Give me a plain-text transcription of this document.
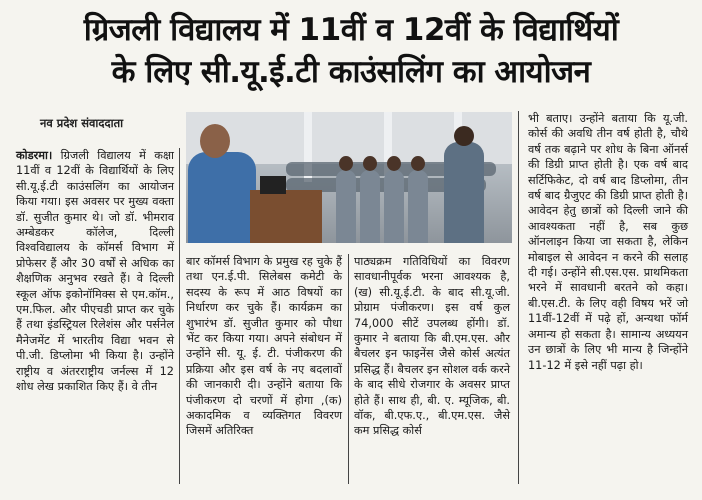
ग्रिजली विद्यालय में 11वीं व 12वीं के विद्यार्थियों
के लिए सी.यू.ई.टी काउंसलिंग का आयोजन
नव प्रदेश संवाददाता

कोडरमा। ग्रिजली विद्यालय में कक्षा 11वीं व 12वीं के विद्यार्थियों के लिए सी.यू.ई.टी काउंसलिंग का आयोजन किया गया। इस अवसर पर मुख्य वक्ता डॉ. सुजीत कुमार थे। जो डॉ. भीमराव अम्बेडकर कॉलेज, दिल्ली विश्वविद्यालय के कॉमर्स विभाग में प्रोफेसर हैं और 30 वर्षों से अधिक का शैक्षणिक अनुभव रखते हैं। वे दिल्ली स्कूल ऑफ इकोनॉमिक्स से एम.कॉम., एम.फिल. और पीएचडी प्राप्त कर चुके हैं तथा इंडस्ट्रियल रिलेशंस और पर्सनेल मैनेजमेंट में भारतीय विद्या भवन से पी.जी. डिप्लोमा भी किया है। उन्होंने राष्ट्रीय व अंतरराष्ट्रीय जर्नल्स में 12 शोध लेख प्रकाशित किए हैं। वे तीन

बार कॉमर्स विभाग के प्रमुख रह चुके हैं तथा एन.ई.पी. सिलेबस कमेटी के सदस्य के रूप में आठ विषयों का निर्धारण कर चुके हैं। कार्यक्रम का शुभारंभ डॉ. सुजीत कुमार को पौधा भेंट कर किया गया। अपने संबोधन में उन्होंने सी. यू. ई. टी. पंजीकरण की प्रक्रिया और इस वर्ष के नए बदलावों की जानकारी दी। उन्होंने बताया कि पंजीकरण दो चरणों में होगा ,(क) अकादमिक व व्यक्तिगत विवरण जिसमें अतिरिक्त

पाठ्यक्रम गतिविधियों का विवरण सावधानीपूर्वक भरना आवश्यक है, (ख) सी.यू.ई.टी. के बाद सी.यू.जी. प्रोग्राम पंजीकरण। इस वर्ष कुल 74,000 सीटें उपलब्ध होंगी। डॉ. कुमार ने बताया कि बी.एम.एस. और बैचलर इन फाइनेंस जैसे कोर्स अत्यंत प्रसिद्ध हैं। बैचलर इन सोशल वर्क करने के बाद सीधे रोजगार के अवसर प्राप्त होते हैं। साथ ही, बी. ए. म्यूजिक, बी. वॉक, बी.एफ.ए., बी.एम.एस. जैसे कम प्रसिद्ध कोर्स

भी बताए। उन्होंने बताया कि यू.जी. कोर्स की अवधि तीन वर्ष होती है, चौथे वर्ष तक बढ़ाने पर शोध के बिना ऑनर्स की डिग्री प्राप्त होती है। एक वर्ष बाद सर्टिफिकेट, दो वर्ष बाद डिप्लोमा, तीन वर्ष बाद ग्रैजुएट की डिग्री प्राप्त होती है। आवेदन हेतु छात्रों को दिल्ली जाने की आवश्यकता नहीं है, सब कुछ ऑनलाइन किया जा सकता है, लेकिन मोबाइल से आवेदन न करने की सलाह दी गई। उन्होंने सी.एस.एस. प्राथमिकता भरने में सावधानी बरतने को कहा। बी.एस.टी. के लिए वही विषय भरें जो 11वीं-12वीं में पढ़े हों, अन्यथा फॉर्म अमान्य हो सकता है। सामान्य अध्ययन उन छात्रों के लिए भी मान्य है जिन्होंने 11-12 में इसे नहीं पढ़ा हो।
